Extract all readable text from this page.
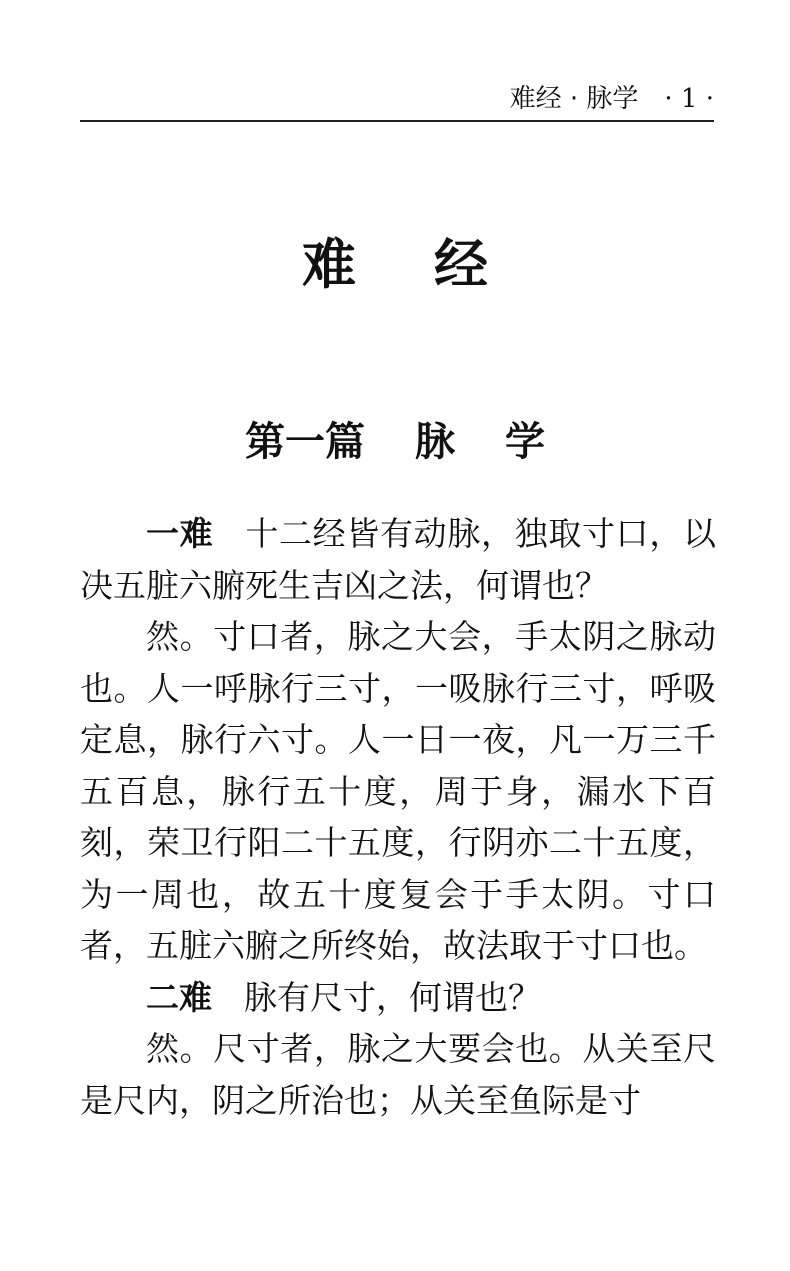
难经 · 脉学 · 1 ·
难经
第一篇 脉学

一难 十二经皆有动脉，独取寸口，以决五脏六腑死生吉凶之法，何谓也？

然。寸口者，脉之大会，手太阴之脉动也。人一呼脉行三寸，一吸脉行三寸，呼吸定息，脉行六寸。人一日一夜，凡一万三千五百息，脉行五十度，周于身，漏水下百刻，荣卫行阳二十五度，行阴亦二十五度，为一周也，故五十度复会于手太阴。寸口者，五脏六腑之所终始，故法取于寸口也。

二难 脉有尺寸，何谓也？

然。尺寸者，脉之大要会也。从关至尺是尺内，阴之所治也；从关至鱼际是寸
